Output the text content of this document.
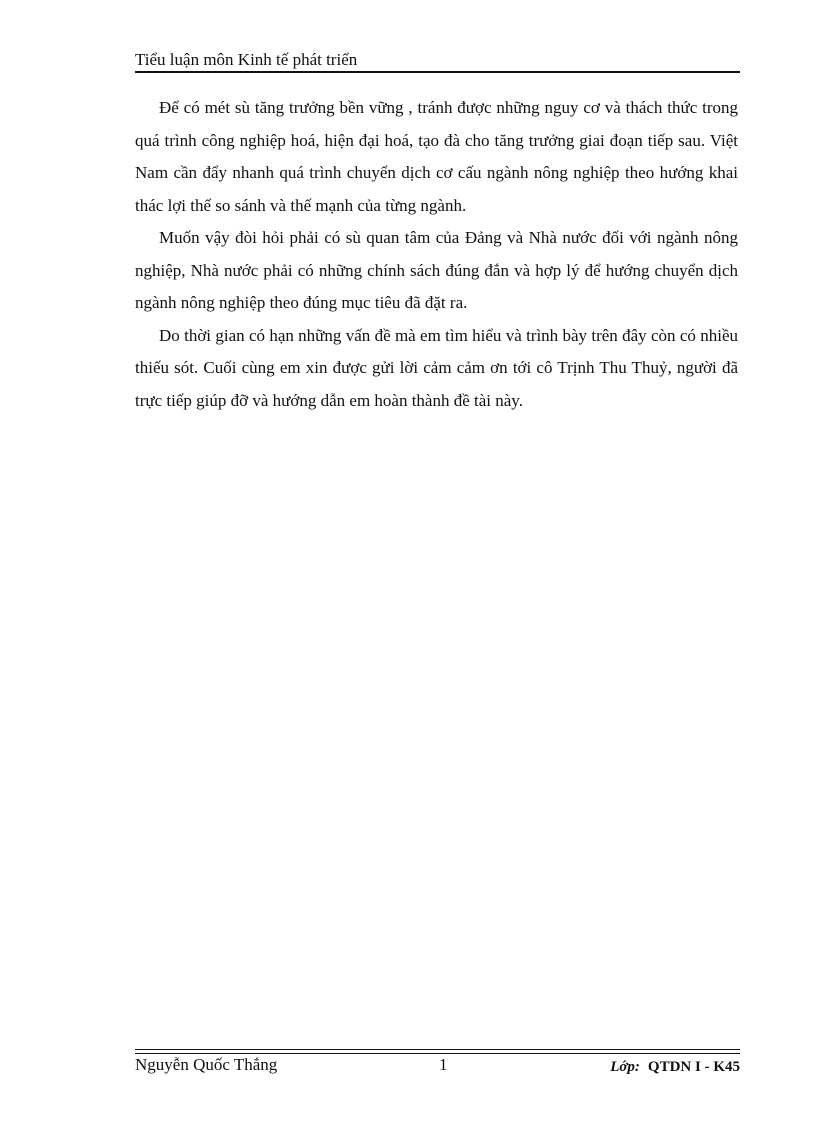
Tiểu luận môn Kinh tế phát triển

Để có mét sù tăng trưởng bền vững , tránh được những nguy cơ và thách thức trong quá trình công nghiệp hoá, hiện đại hoá, tạo đà cho tăng trưởng giai đoạn tiếp sau. Việt Nam cần đẩy nhanh quá trình chuyển dịch cơ cấu ngành nông nghiệp theo hướng khai thác lợi thế so sánh và thế mạnh của từng ngành.

Muốn vậy đòi hỏi phải có sù quan tâm của Đảng và Nhà nước đối với ngành nông nghiệp, Nhà nước phải có những chính sách đúng đắn và hợp lý để hướng chuyển dịch ngành nông nghiệp theo đúng mục tiêu đã đặt ra.

Do thời gian có hạn những vấn đề mà em tìm hiểu và trình bày trên đây còn có nhiều thiếu sót. Cuối cùng em xin được gửi lời cảm cảm ơn tới cô Trịnh Thu Thuỷ, người đã trực tiếp giúp đỡ và hướng dẫn em hoàn thành đề tài này.

Nguyễn Quốc Thắng	1	Lớp: QTDN I - K45
